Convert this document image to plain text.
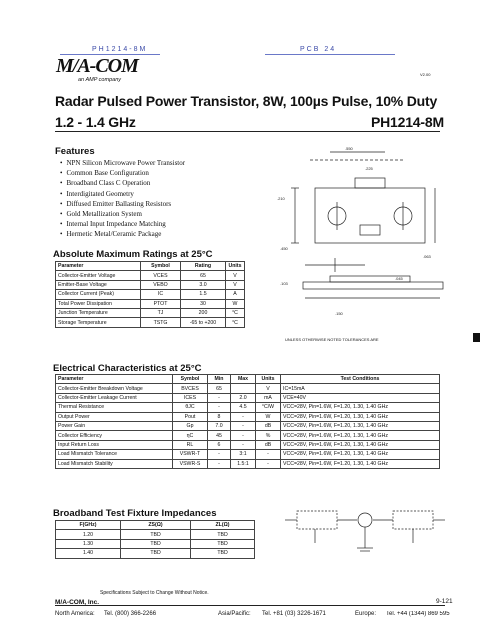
PH1214-8M	PCB 24
M/A-COM
an AMP company
V2.00
Radar Pulsed Power Transistor, 8W, 100µs Pulse, 10% Duty
1.2 - 1.4 GHz	PH1214-8M
Features
• NPN Silicon Microwave Power Transistor
• Common Base Configuration
• Broadband Class C Operation
• Interdigitated Geometry
• Diffused Emitter Ballasting Resistors
• Gold Metallization System
• Internal Input Impedance Matching
• Hermetic Metal/Ceramic Package
.550
.210
.450
.225
.063
.103
.045
.150
UNLESS OTHERWISE NOTED TOLERANCES ARE
Absolute Maximum Ratings at 25°C
Parameter	Symbol	Rating	Units
Collector-Emitter Voltage	VCES	65	V
Emitter-Base Voltage	VEBO	3.0	V
Collector Current (Peak)	IC	1.5	A
Total Power Dissipation	PTOT	30	W
Junction Temperature	TJ	200	°C
Storage Temperature	TSTG	-65 to +200	°C
Electrical Characteristics at 25°C
Parameter	Symbol	Min	Max	Units	Test Conditions
Collector-Emitter Breakdown Voltage	BVCES	65		V	IC=15mA
Collector-Emitter Leakage Current	ICES	-	2.0	mA	VCE=40V
Thermal Resistance	θJC	-	4.5	°C/W	VCC=28V, Pin=1.6W, F=1.20, 1.30, 1.40 GHz
Output Power	Pout	8	-	W	VCC=28V, Pin=1.6W, F=1.20, 1.30, 1.40 GHz
Power Gain	Gp	7.0	-	dB	VCC=28V, Pin=1.6W, F=1.20, 1.30, 1.40 GHz
Collector Efficiency	ηC	45	-	%	VCC=28V, Pin=1.6W, F=1.20, 1.30, 1.40 GHz
Input Return Loss	RL	6	-	dB	VCC=28V, Pin=1.6W, F=1.20, 1.30, 1.40 GHz
Load Mismatch Tolerance	VSWR-T	-	3:1	-	VCC=28V, Pin=1.6W, F=1.20, 1.30, 1.40 GHz
Load Mismatch Stability	VSWR-S	-	1.5:1	-	VCC=28V, Pin=1.6W, F=1.20, 1.30, 1.40 GHz
Broadband Test Fixture Impedances
F(GHz)	ZS(Ω)	ZL(Ω)
1.20	TBD	TBD
1.30	TBD	TBD
1.40	TBD	TBD
Specifications Subject to Change Without Notice.
9-121
M/A-COM, Inc.
North America: Tel. (800) 366-2266	Asia/Pacific: Tel. +81 (03) 3226-1671	Europe: Tel. +44 (1344) 869 595
